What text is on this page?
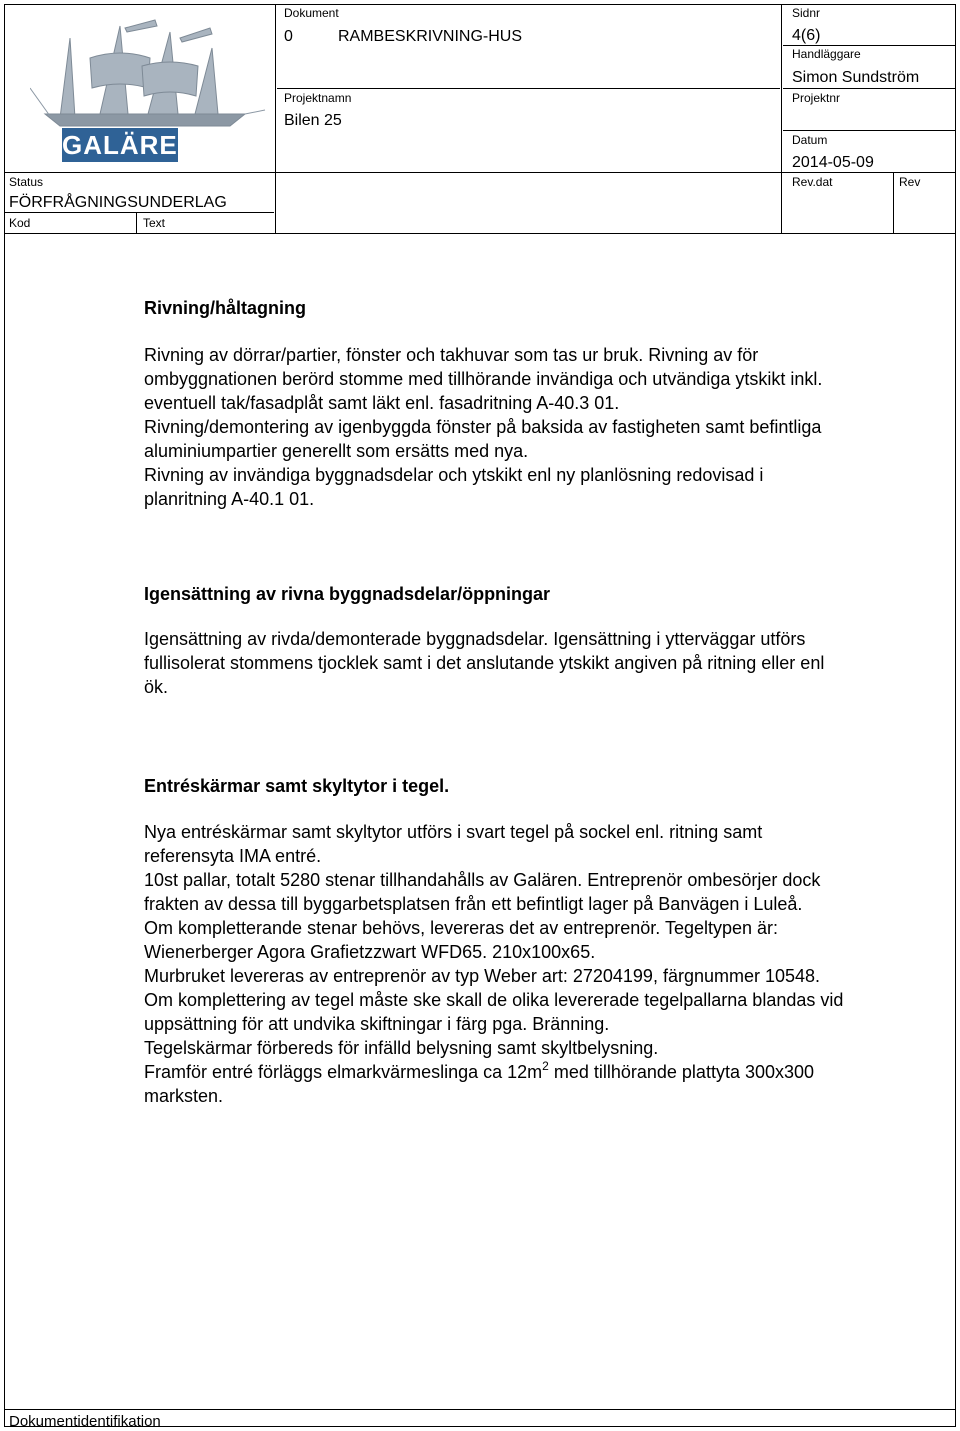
GALÄREN
Dokument
0	RAMBESKRIVNING-HUS
Projektnamn
Bilen 25
Sidnr
4(6)
Handläggare
Simon Sundström
Projektnr
Datum
2014-05-09
Status
FÖRFRÅGNINGSUNDERLAG
Rev.dat	Rev
Kod	Text
Rivning/håltagning

Rivning av dörrar/partier, fönster och takhuvar som tas ur bruk. Rivning av för

ombyggnationen berörd stomme med tillhörande invändiga och utvändiga ytskikt inkl.

eventuell tak/fasadplåt samt läkt enl. fasadritning A-40.3 01.

Rivning/demontering av igenbyggda fönster på baksida av fastigheten samt befintliga

aluminiumpartier generellt som ersätts med nya.

Rivning av invändiga byggnadsdelar och ytskikt enl ny planlösning redovisad i

planritning A-40.1 01.

Igensättning av rivna byggnadsdelar/öppningar

Igensättning av rivda/demonterade byggnadsdelar. Igensättning i ytterväggar utförs

fullisolerat stommens tjocklek samt i det anslutande ytskikt angiven på ritning eller enl

ök.

Entréskärmar samt skyltytor i tegel.

Nya entréskärmar samt skyltytor utförs i svart tegel på sockel enl. ritning samt

referensyta IMA entré.

10st pallar, totalt 5280 stenar tillhandahålls av Galären. Entreprenör ombesörjer dock

frakten av dessa till byggarbetsplatsen från ett befintligt lager på Banvägen i Luleå.

Om kompletterande stenar behövs, levereras det av entreprenör. Tegeltypen är:

Wienerberger Agora Grafietzzwart WFD65. 210x100x65.

Murbruket levereras av entreprenör av typ Weber art: 27204199, färgnummer 10548.

Om komplettering av tegel måste ske skall de olika levererade tegelpallarna blandas vid

uppsättning för att undvika skiftningar i färg pga. Bränning.

Tegelskärmar förbereds för infälld belysning samt skyltbelysning.

Framför entré förläggs elmarkvärmeslinga ca $12m^2$ med tillhörande plattyta 300x300

marksten.

Dokumentidentifikation
